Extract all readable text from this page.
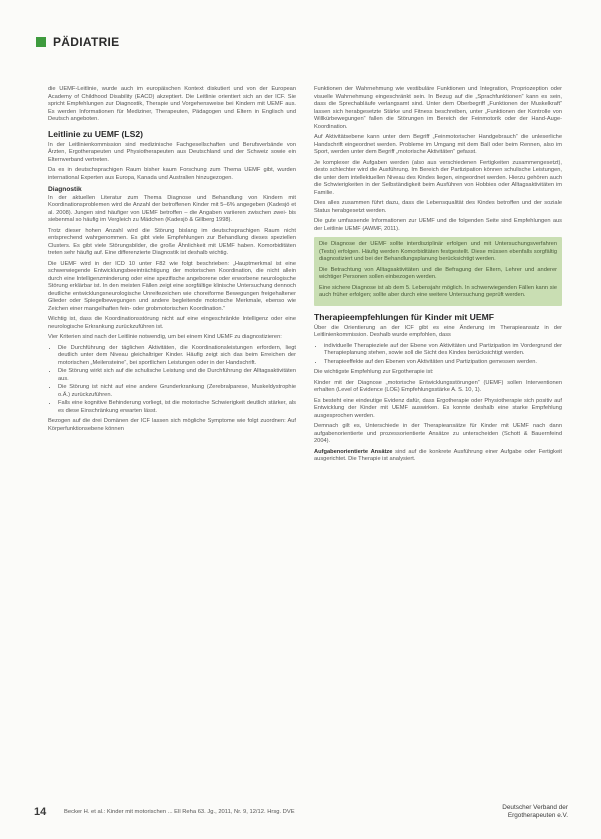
PÄDIATRIE

die UEMF-Leitlinie, wurde auch im europäischen Kontext diskutiert und von der European Academy of Childhood Disability (EACD) akzeptiert. Die Leitlinie orientiert sich an der ICF. Sie spricht Empfehlungen zur Diagnostik, Therapie und Vorgehensweise bei Kindern mit UEMF aus. Es werden Informationen für Mediziner, Therapeuten, Pädagogen und Eltern in Englisch und Deutsch angeboten.

Leitlinie zu UEMF (LS2)

In der Leitlinienkommission sind medizinische Fachgesellschaften und Berufsverbände von Ärzten, Ergotherapeuten und Physiotherapeuten aus Deutschland und der Schweiz sowie ein Elternverband vertreten.

Da es in deutschsprachigen Raum bisher kaum Forschung zum Thema UEMF gibt, wurden international Experten aus Europa, Kanada und Australien hinzugezogen.

Diagnostik

In der aktuellen Literatur zum Thema Diagnose und Behandlung von Kindern mit Koordinationsproblemen wird die Anzahl der betroffenen Kinder mit 5–6% angegeben (Kadesjö et al. 2008). Jungen sind häufiger von UEMF betroffen – die Angaben variieren zwischen zwei- bis siebenmal so häufig im Vergleich zu Mädchen (Kadesjö & Gillberg 1998).

Trotz dieser hohen Anzahl wird die Störung bislang im deutschsprachigen Raum nicht entsprechend wahrgenommen. Es gibt viele Empfehlungen zur Behandlung dieses speziellen Clusters. Es gibt viele Störungsbilder, die große Ähnlichkeit mit UEMF haben. Komorbiditäten treten sehr häufig auf. Eine differenzierte Diagnostik ist deshalb wichtig.

Die UEMF wird in der ICD 10 unter F82 wie folgt beschrieben: „Hauptmerkmal ist eine schwerwiegende Entwicklungsbeeinträchtigung der motorischen Koordination, die nicht allein durch eine Intelligenzminderung oder eine spezifische angeborene oder erworbene neurologische Störung erklärbar ist. In den meisten Fällen zeigt eine sorgfältige klinische Untersuchung dennoch deutliche entwicklungsneurologische Unreifezeichen wie choreiforme Bewegungen freigehaltener Glieder oder Spiegelbewegungen und andere begleitende motorische Merkmale, ebenso wie Zeichen einer mangelhaften fein- oder grobmotorischen Koordination.“

Wichtig ist, dass die Koordinationsstörung nicht auf eine eingeschränkte Intelligenz oder eine neurologische Erkrankung zurückzuführen ist.

Vier Kriterien sind nach der Leitlinie notwendig, um bei einem Kind UEMF zu diagnostizieren:

• Die Durchführung der täglichen Aktivitäten, die Koordinationsleistungen erfordern, liegt deutlich unter dem Niveau gleichaltriger Kinder. Häufig zeigt sich das beim Erreichen der motorischen „Meilensteine“, bei sportlichen Leistungen oder in der Handschrift.
• Die Störung wirkt sich auf die schulische Leistung und die Durchführung der Alltagsaktivitäten aus.
• Die Störung ist nicht auf eine andere Grunderkrankung (Zerebralparese, Muskeldystrophie o.Ä.) zurückzuführen.
• Falls eine kognitive Behinderung vorliegt, ist die motorische Schwierigkeit deutlich stärker, als es diese Einschränkung erwarten lässt.

Bezogen auf die drei Domänen der ICF lassen sich mögliche Symptome wie folgt zuordnen: Auf Körperfunktionsebene können

Funktionen der Wahrnehmung wie vestibuläre Funktionen und Integration, Propriozeption oder visuelle Wahrnehmung eingeschränkt sein. In Bezug auf die „Sprachfunktionen“ kann es sein, dass die Sprechabläufe verlangsamt sind. Unter dem Oberbegriff „Funktionen der Muskelkraft“ lassen sich herabgesetzte Stärke und Fitness beschreiben, unter „Funktionen der Kontrolle von Willkürbewegungen“ fallen die Störungen im Bereich der Feinmotorik oder der Hand-Auge-Koordination.

Auf Aktivitätsebene kann unter dem Begriff „Feinmotorischer Handgebrauch“ die unleserliche Handschrift eingeordnet werden. Probleme im Umgang mit dem Ball oder beim Rennen, also im Sport, werden unter dem Begriff „motorische Aktivitäten“ gefasst.

Je komplexer die Aufgaben werden (also aus verschiedenen Fertigkeiten zusammengesetzt), desto schlechter wird die Ausführung. Im Bereich der Partizipation können schulische Leistungen, die unter dem intellektuellen Niveau des Kindes liegen, eingeordnet werden. Hierzu gehören auch die Schwierigkeiten in der Selbständigkeit beim Ausführen von Hobbies oder Alltagsaktivitäten im Familie.

Dies alles zusammen führt dazu, dass die Lebensqualität des Kindes betroffen und der soziale Status herabgesetzt werden.

Die gute umfassende Informationen zur UEMF und die folgenden Seite sind Empfehlungen aus der Leitlinie UEMF (AWMF, 2011).

Die Diagnose der UEMF sollte interdisziplinär erfolgen und mit Untersuchungsverfahren (Tests) erfolgen. Häufig werden Komorbiditäten festgestellt. Diese müssen ebenfalls sorgfältig diagnostiziert und bei der Behandlungsplanung berücksichtigt werden.

Die Betrachtung von Alltagsaktivitäten und die Befragung der Eltern, Lehrer und anderer wichtiger Personen sollen einbezogen werden.

Eine sichere Diagnose ist ab dem 5. Lebensjahr möglich. In schwerwiegenden Fällen kann sie auch früher erfolgen; sollte aber durch eine weitere Untersuchung geprüft werden.

Therapieempfehlungen für Kinder mit UEMF

Über die Orientierung an der ICF gibt es eine Änderung im Therapieansatz in der Leitlinienkommission. Deshalb wurde empfohlen, dass

• individuelle Therapieziele auf der Ebene von Aktivitäten und Partizipation im Vordergrund der Therapieplanung stehen, sowie soll die Sicht des Kindes berücksichtigt werden.
• Therapieeffekte auf den Ebenen von Aktivitäten und Partizipation gemessen werden.

Die wichtigste Empfehlung zur Ergotherapie ist:

Kinder mit der Diagnose „motorische Entwicklungsstörungen“ (UEMF) sollen Interventionen erhalten (Level of Evidence (LOE) Empfehlungsstärke A. S. 10, 1).

Es besteht eine eindeutige Evidenz dafür, dass Ergotherapie oder Physiotherapie sich positiv auf Entwicklung der Kinder mit UEMF auswirken. Es konnte deshalb eine starke Empfehlung ausgesprochen werden.

Demnach gilt es, Unterschiede in der Therapieansätze für Kinder mit UEMF nach dann aufgabenorientierte und prozessorientierte Ansätze zu unterscheiden (Schott & Bauernfeind 2004).

Aufgabenorientierte Ansätze sind auf die konkrete Ausführung einer Aufgabe oder Fertigkeit ausgerichtet. Die Therapie ist analysiert.

14	Becker H. et al.: Kinder mit motorischen ... Ell Reha 63. Jg., 2011, Nr. 9, 12/12. Hrsg. DVE
Deutscher Verband der
Ergotherapeuten e.V.
